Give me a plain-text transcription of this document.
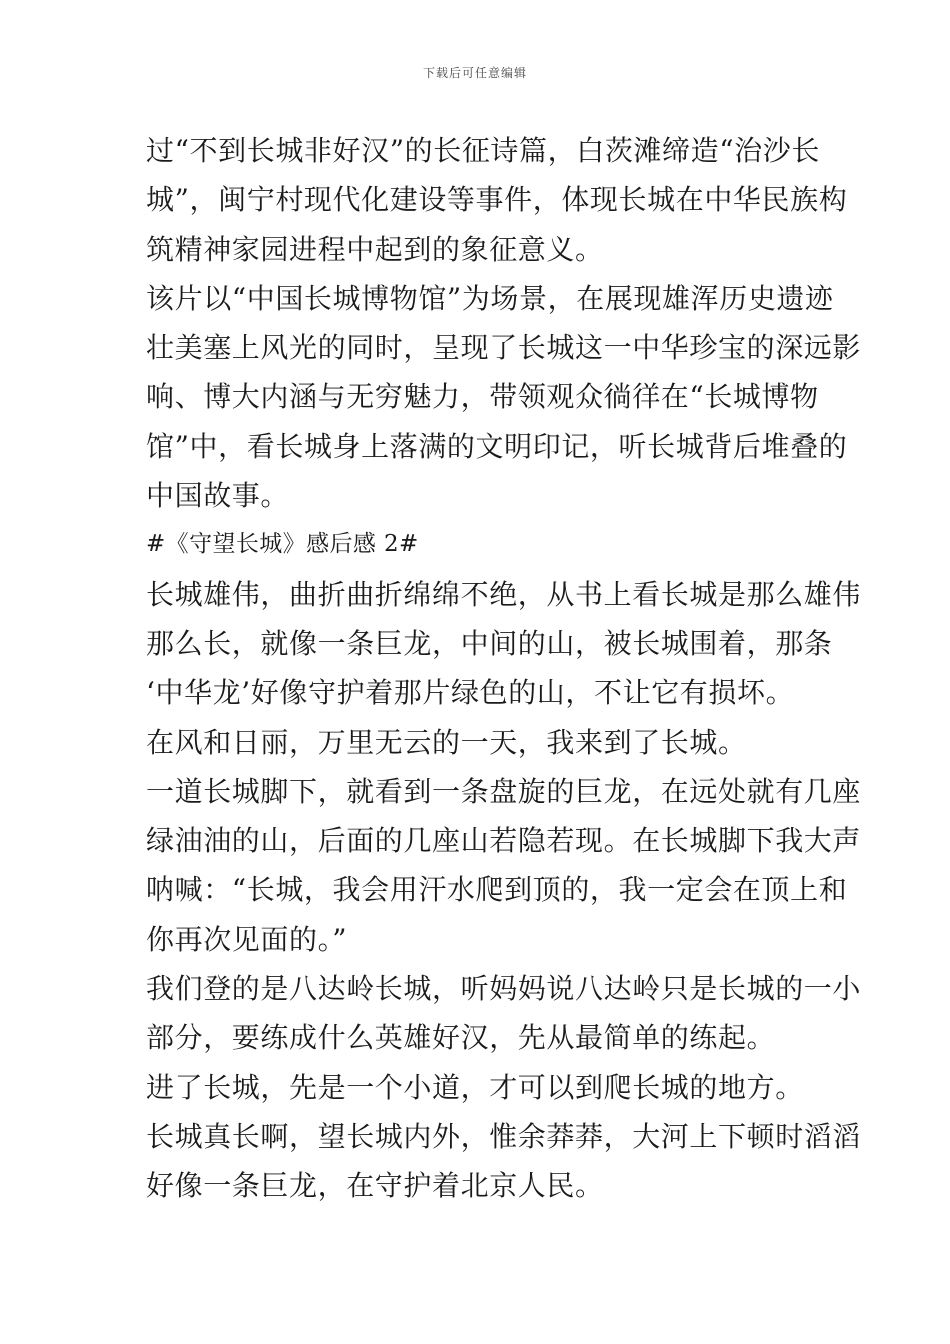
下载后可任意编辑
过“不到长城非好汉”的长征诗篇，白茨滩缔造“治沙长
城”，闽宁村现代化建设等事件，体现长城在中华民族构
筑精神家园进程中起到的象征意义。
该片以“中国长城博物馆”为场景，在展现雄浑历史遗迹
壮美塞上风光的同时，呈现了长城这一中华珍宝的深远影
响、博大内涵与无穷魅力，带领观众徜徉在“长城博物
馆”中，看长城身上落满的文明印记，听长城背后堆叠的
中国故事。
#《守望长城》感后感 2#
长城雄伟，曲折曲折绵绵不绝，从书上看长城是那么雄伟
那么长，就像一条巨龙，中间的山，被长城围着，那条
‘中华龙’好像守护着那片绿色的山，不让它有损坏。
在风和日丽，万里无云的一天，我来到了长城。
一道长城脚下，就看到一条盘旋的巨龙，在远处就有几座
绿油油的山，后面的几座山若隐若现。在长城脚下我大声
呐喊：“长城，我会用汗水爬到顶的，我一定会在顶上和
你再次见面的。”
我们登的是八达岭长城，听妈妈说八达岭只是长城的一小
部分，要练成什么英雄好汉，先从最简单的练起。
进了长城，先是一个小道，才可以到爬长城的地方。
长城真长啊，望长城内外，惟余莽莽，大河上下顿时滔滔
好像一条巨龙，在守护着北京人民。
